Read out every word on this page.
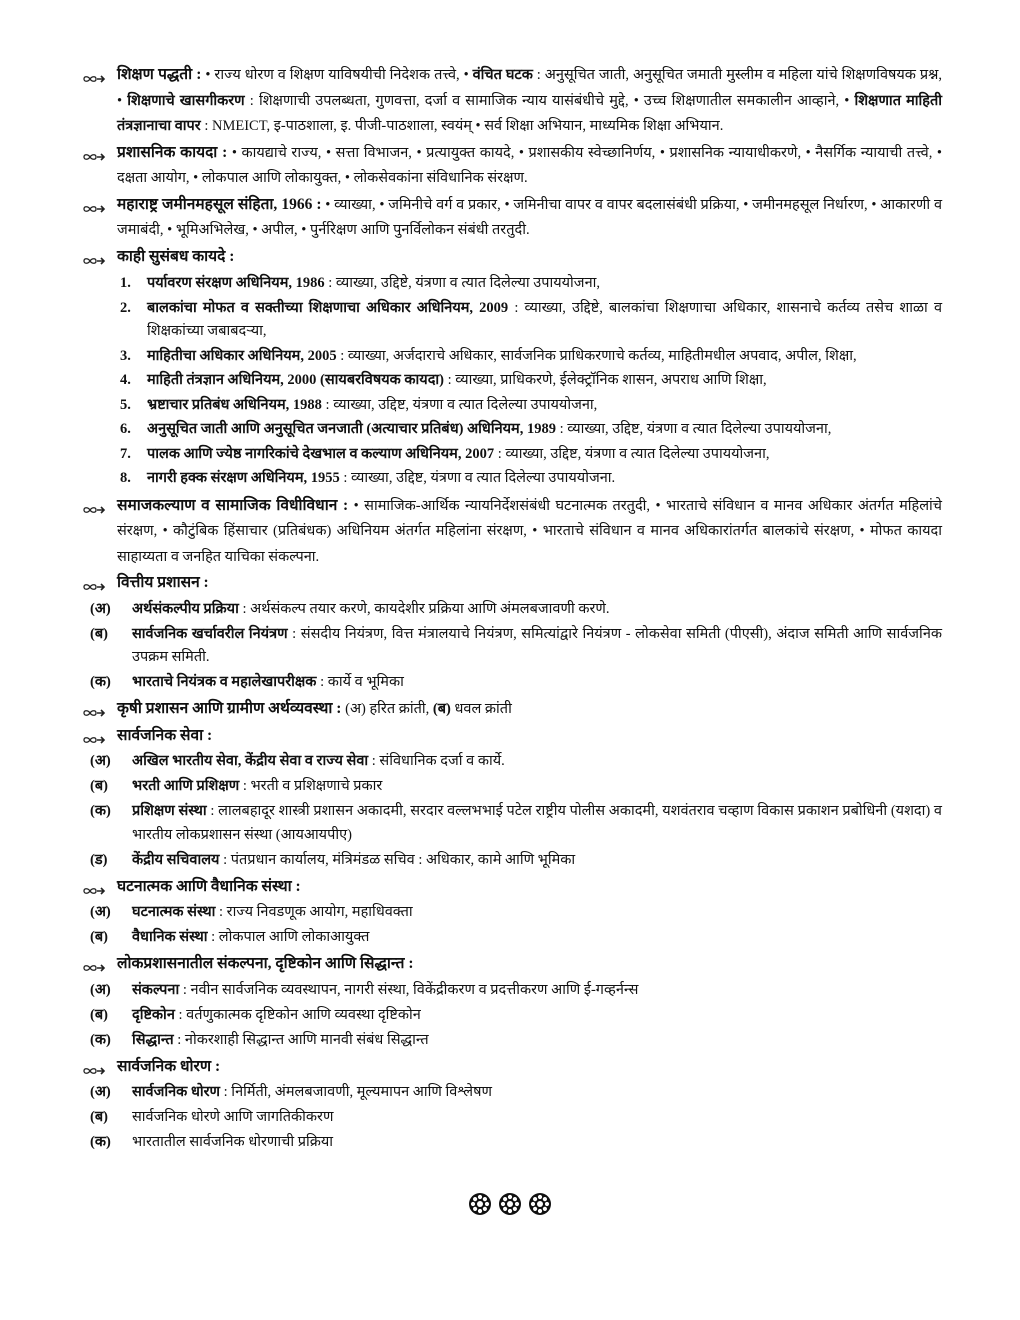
शिक्षण पद्धती : • राज्य धोरण व शिक्षण याविषयीची निदेशक तत्त्वे, • वंचित घटक : अनुसूचित जाती, अनुसूचित जमाती मुस्लीम व महिला यांचे शिक्षणविषयक प्रश्न, • शिक्षणाचे खासगीकरण : शिक्षणाची उपलब्धता, गुणवत्ता, दर्जा व सामाजिक न्याय यासंबंधीचे मुद्दे, • उच्च शिक्षणातील समकालीन आव्हाने, • शिक्षणात माहिती तंत्रज्ञानाचा वापर : NMEICT, इ-पाठशाला, इ. पीजी-पाठशाला, स्वयंम् • सर्व शिक्षा अभियान, माध्यमिक शिक्षा अभियान.
प्रशासनिक कायदा : • कायद्याचे राज्य, • सत्ता विभाजन, • प्रत्यायुक्त कायदे, • प्रशासकीय स्वेच्छानिर्णय, • प्रशासनिक न्यायाधीकरणे, • नैसर्गिक न्यायाची तत्त्वे, • दक्षता आयोग, • लोकपाल आणि लोकायुक्त, • लोकसेवकांना संविधानिक संरक्षण.
महाराष्ट्र जमीनमहसूल संहिता, 1966 : • व्याख्या, • जमिनीचे वर्ग व प्रकार, • जमिनीचा वापर व वापर बदलासंबंधी प्रक्रिया, • जमीनमहसूल निर्धारण, • आकारणी व जमाबंदी, • भूमिअभिलेख, • अपील, • पुर्नरिक्षण आणि पुनर्विलोकन संबंधी तरतुदी.
काही सुसंबध कायदे :
1. पर्यावरण संरक्षण अधिनियम, 1986 : व्याख्या, उद्दिष्टे, यंत्रणा व त्यात दिलेल्या उपाययोजना,
2. बालकांचा मोफत व सक्तीच्या शिक्षणाचा अधिकार अधिनियम, 2009 : व्याख्या, उद्दिष्टे, बालकांचा शिक्षणाचा अधिकार, शासनाचे कर्तव्य तसेच शाळा व शिक्षकांच्या जबाबदऱ्या,
3. माहितीचा अधिकार अधिनियम, 2005 : व्याख्या, अर्जदाराचे अधिकार, सार्वजनिक प्राधिकरणाचे कर्तव्य, माहितीमधील अपवाद, अपील, शिक्षा,
4. माहिती तंत्रज्ञान अधिनियम, 2000 (सायबरविषयक कायदा) : व्याख्या, प्राधिकरणे, ईलेक्ट्रॉनिक शासन, अपराध आणि शिक्षा,
5. भ्रष्टाचार प्रतिबंध अधिनियम, 1988 : व्याख्या, उद्दिष्ट, यंत्रणा व त्यात दिलेल्या उपाययोजना,
6. अनुसूचित जाती आणि अनुसूचित जनजाती (अत्याचार प्रतिबंध) अधिनियम, 1989 : व्याख्या, उद्दिष्ट, यंत्रणा व त्यात दिलेल्या उपाययोजना,
7. पालक आणि ज्येष्ठ नागरिकांचे देखभाल व कल्याण अधिनियम, 2007 : व्याख्या, उद्दिष्ट, यंत्रणा व त्यात दिलेल्या उपाययोजना,
8. नागरी हक्क संरक्षण अधिनियम, 1955 : व्याख्या, उद्दिष्ट, यंत्रणा व त्यात दिलेल्या उपाययोजना.
समाजकल्याण व सामाजिक विधीविधान : • सामाजिक-आर्थिक न्यायनिर्देशसंबंधी घटनात्मक तरतुदी, • भारताचे संविधान व मानव अधिकार अंतर्गत महिलांचे संरक्षण, • कौटुंबिक हिंसाचार (प्रतिबंधक) अधिनियम अंतर्गत महिलांना संरक्षण, • भारताचे संविधान व मानव अधिकारांतर्गत बालकांचे संरक्षण, • मोफत कायदा साहाय्यता व जनहित याचिका संकल्पना.
वित्तीय प्रशासन :
(अ) अर्थसंकल्पीय प्रक्रिया : अर्थसंकल्प तयार करणे, कायदेशीर प्रक्रिया आणि अंमलबजावणी करणे.
(ब) सार्वजनिक खर्चावरील नियंत्रण : संसदीय नियंत्रण, वित्त मंत्रालयाचे नियंत्रण, समित्यांद्वारे नियंत्रण - लोकसेवा समिती (पीएसी), अंदाज समिती आणि सार्वजनिक उपक्रम समिती.
(क) भारताचे नियंत्रक व महालेखापरीक्षक : कार्ये व भूमिका
कृषी प्रशासन आणि ग्रामीण अर्थव्यवस्था : (अ) हरित क्रांती, (ब) धवल क्रांती
सार्वजनिक सेवा :
(अ) अखिल भारतीय सेवा, केंद्रीय सेवा व राज्य सेवा : संविधानिक दर्जा व कार्ये.
(ब) भरती आणि प्रशिक्षण : भरती व प्रशिक्षणाचे प्रकार
(क) प्रशिक्षण संस्था : लालबहादूर शास्त्री प्रशासन अकादमी, सरदार वल्लभभाई पटेल राष्ट्रीय पोलीस अकादमी, यशवंतराव चव्हाण विकास प्रकाशन प्रबोधिनी (यशदा) व भारतीय लोकप्रशासन संस्था (आयआयपीए)
(ड) केंद्रीय सचिवालय : पंतप्रधान कार्यालय, मंत्रिमंडळ सचिव : अधिकार, कामे आणि भूमिका
घटनात्मक आणि वैधानिक संस्था :
(अ) घटनात्मक संस्था : राज्य निवडणूक आयोग, महाधिवक्ता
(ब) वैधानिक संस्था : लोकपाल आणि लोकाआयुक्त
लोकप्रशासनातील संकल्पना, दृष्टिकोन आणि सिद्धान्त :
(अ) संकल्पना : नवीन सार्वजनिक व्यवस्थापन, नागरी संस्था, विकेंद्रीकरण व प्रदत्तीकरण आणि ई-गव्हर्नन्स
(ब) दृष्टिकोन : वर्तणुकात्मक दृष्टिकोन आणि व्यवस्था दृष्टिकोन
(क) सिद्धान्त : नोकरशाही सिद्धान्त आणि मानवी संबंध सिद्धान्त
सार्वजनिक धोरण :
(अ) सार्वजनिक धोरण : निर्मिती, अंमलबजावणी, मूल्यमापन आणि विश्लेषण
(ब) सार्वजनिक धोरणे आणि जागतिकीकरण
(क) भारतातील सार्वजनिक धोरणाची प्रक्रिया
